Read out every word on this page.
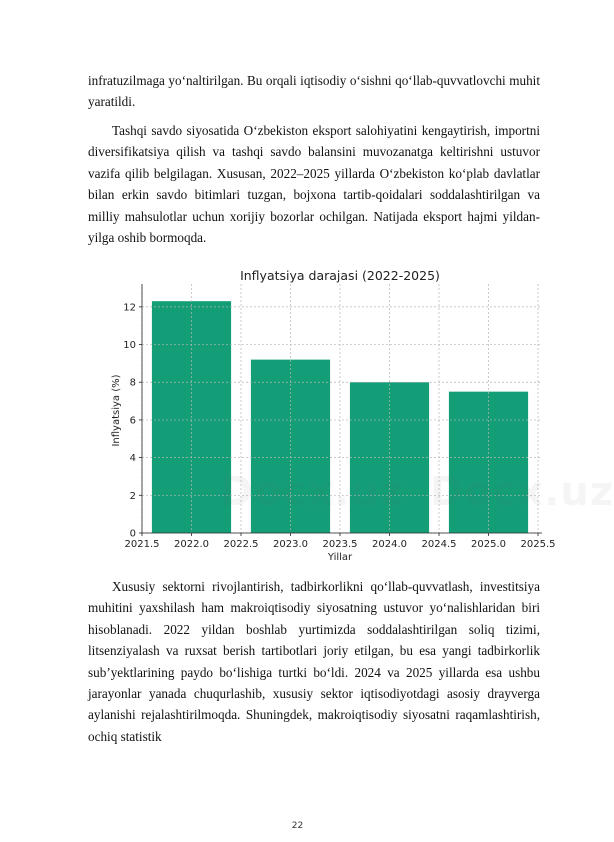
infratuzilmaga yo‘naltirilgan. Bu orqali iqtisodiy o‘sishni qo‘llab-quvvatlovchi muhit yaratildi.

Tashqi savdo siyosatida O‘zbekiston eksport salohiyatini kengaytirish, importni diversifikatsiya qilish va tashqi savdo balansini muvozanatga keltirishni ustuvor vazifa qilib belgilagan. Xususan, 2022–2025 yillarda O‘zbekiston ko‘plab davlatlar bilan erkin savdo bitimlari tuzgan, bojxona tartib-qoidalari soddalashtirilgan va milliy mahsulotlar uchun xorijiy bozorlar ochilgan. Natijada eksport hajmi yildan-yilga oshib bormoqda.

2021.5 2022.0 2022.5 2023.0 2023.5 2024.0 2024.5 2025.0 2025.5
0
2
4
6
8
10
12
Inflyatsiya darajasi (2022-2025)
Yillar
Inflyatsiya (%)

Xususiy sektorni rivojlantirish, tadbirkorlikni qo‘llab-quvvatlash, investitsiya muhitini yaxshilash ham makroiqtisodiy siyosatning ustuvor yo‘nalishlaridan biri hisoblanadi. 2022 yildan boshlab yurtimizda soddalashtirilgan soliq tizimi, litsenziyalash va ruxsat berish tartibotlari joriy etilgan, bu esa yangi tadbirkorlik sub’yektlarining paydo bo‘lishiga turtki bo‘ldi. 2024 va 2025 yillarda esa ushbu jarayonlar yanada chuqurlashib, xususiy sektor iqtisodiyotdagi asosiy drayverga aylanishi rejalashtirilmoqda. Shuningdek, makroiqtisodiy siyosatni raqamlashtirish, ochiq statistik

22
